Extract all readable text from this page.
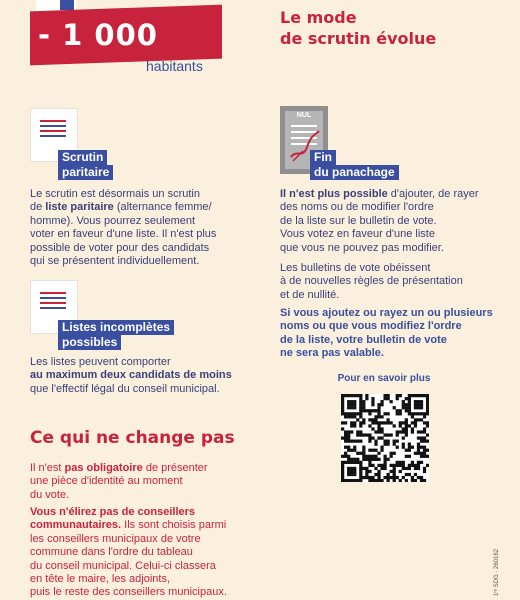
- 1 000
habitants
Le mode
de scrutin évolue
Scrutin
paritaire
Le scrutin est désormais un scrutin
de liste paritaire (alternance femme/
homme). Vous pourrez seulement
voter en faveur d'une liste. Il n'est plus
possible de voter pour des candidats
qui se présentent individuellement.
Listes incomplètes
possibles
Les listes peuvent comporter
au maximum deux candidats de moins
que l'effectif légal du conseil municipal.
NUL
Fin
du panachage
Il n'est plus possible d'ajouter, de rayer
des noms ou de modifier l'ordre
de la liste sur le bulletin de vote.
Vous votez en faveur d'une liste
que vous ne pouvez pas modifier.
Les bulletins de vote obéissent
à de nouvelles règles de présentation
et de nullité.
Si vous ajoutez ou rayez un ou plusieurs
noms ou que vous modifiez l'ordre
de la liste, votre bulletin de vote
ne sera pas valable.
Pour en savoir plus
Ce qui ne change pas
Il n'est pas obligatoire de présenter
une pièce d'identité au moment
du vote.
Vous n'élirez pas de conseillers
communautaires. Ils sont choisis parmi
les conseillers municipaux de votre
commune dans l'ordre du tableau
du conseil municipal. Celui-ci classera
en tête le maire, les adjoints,
puis le reste des conseillers municipaux.	1ʳᵉ SDG · 260162
